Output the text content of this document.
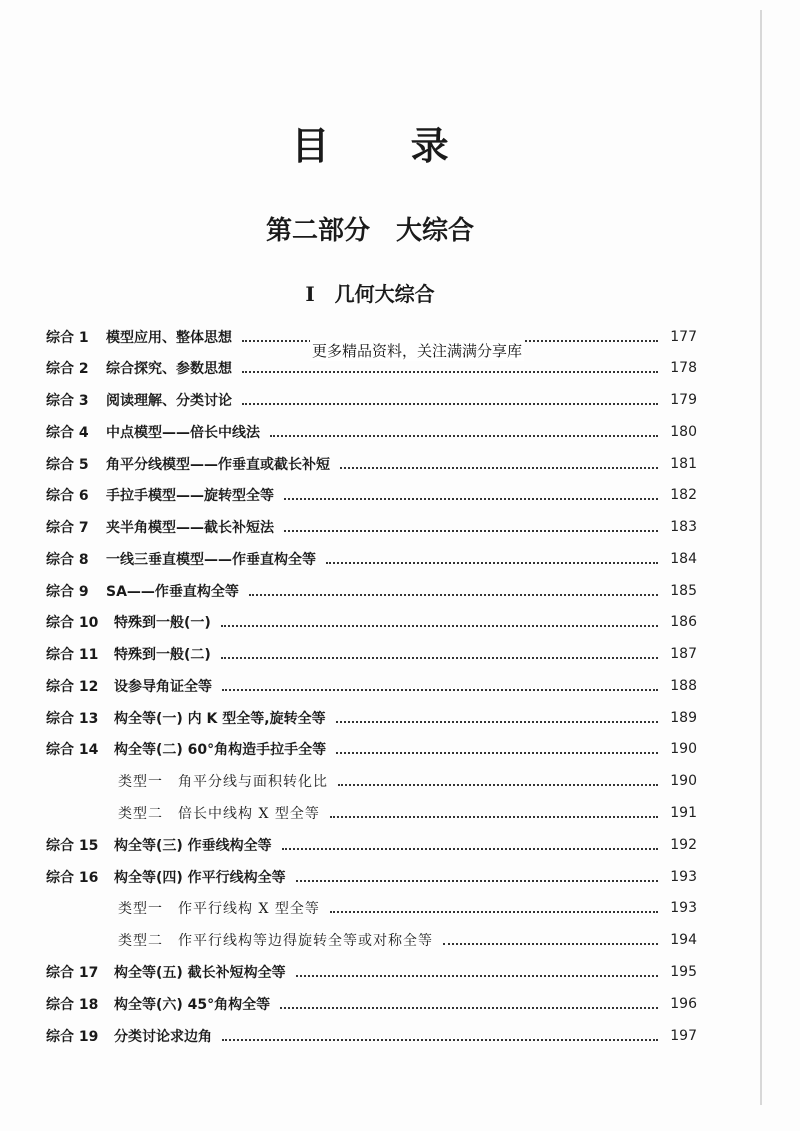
目 录
第二部分　大综合
I　几何大综合
更多精品资料，关注满满分享库
综合 1	模型应用、整体思想	177
综合 2	综合探究、参数思想	178
综合 3	阅读理解、分类讨论	179
综合 4	中点模型——倍长中线法	180
综合 5	角平分线模型——作垂直或截长补短	181
综合 6	手拉手模型——旋转型全等	182
综合 7	夹半角模型——截长补短法	183
综合 8	一线三垂直模型——作垂直构全等	184
综合 9	SA——作垂直构全等	185
综合 10	特殊到一般(一)	186
综合 11	特殊到一般(二)	187
综合 12	设参导角证全等	188
综合 13	构全等(一) 内 K 型全等,旋转全等	189
综合 14	构全等(二) 60°角构造手拉手全等	190
类型一　角平分线与面积转化比	190
类型二　倍长中线构 X 型全等	191
综合 15	构全等(三) 作垂线构全等	192
综合 16	构全等(四) 作平行线构全等	193
类型一　作平行线构 X 型全等	193
类型二　作平行线构等边得旋转全等或对称全等	194
综合 17	构全等(五) 截长补短构全等	195
综合 18	构全等(六) 45°角构全等	196
综合 19	分类讨论求边角	197
